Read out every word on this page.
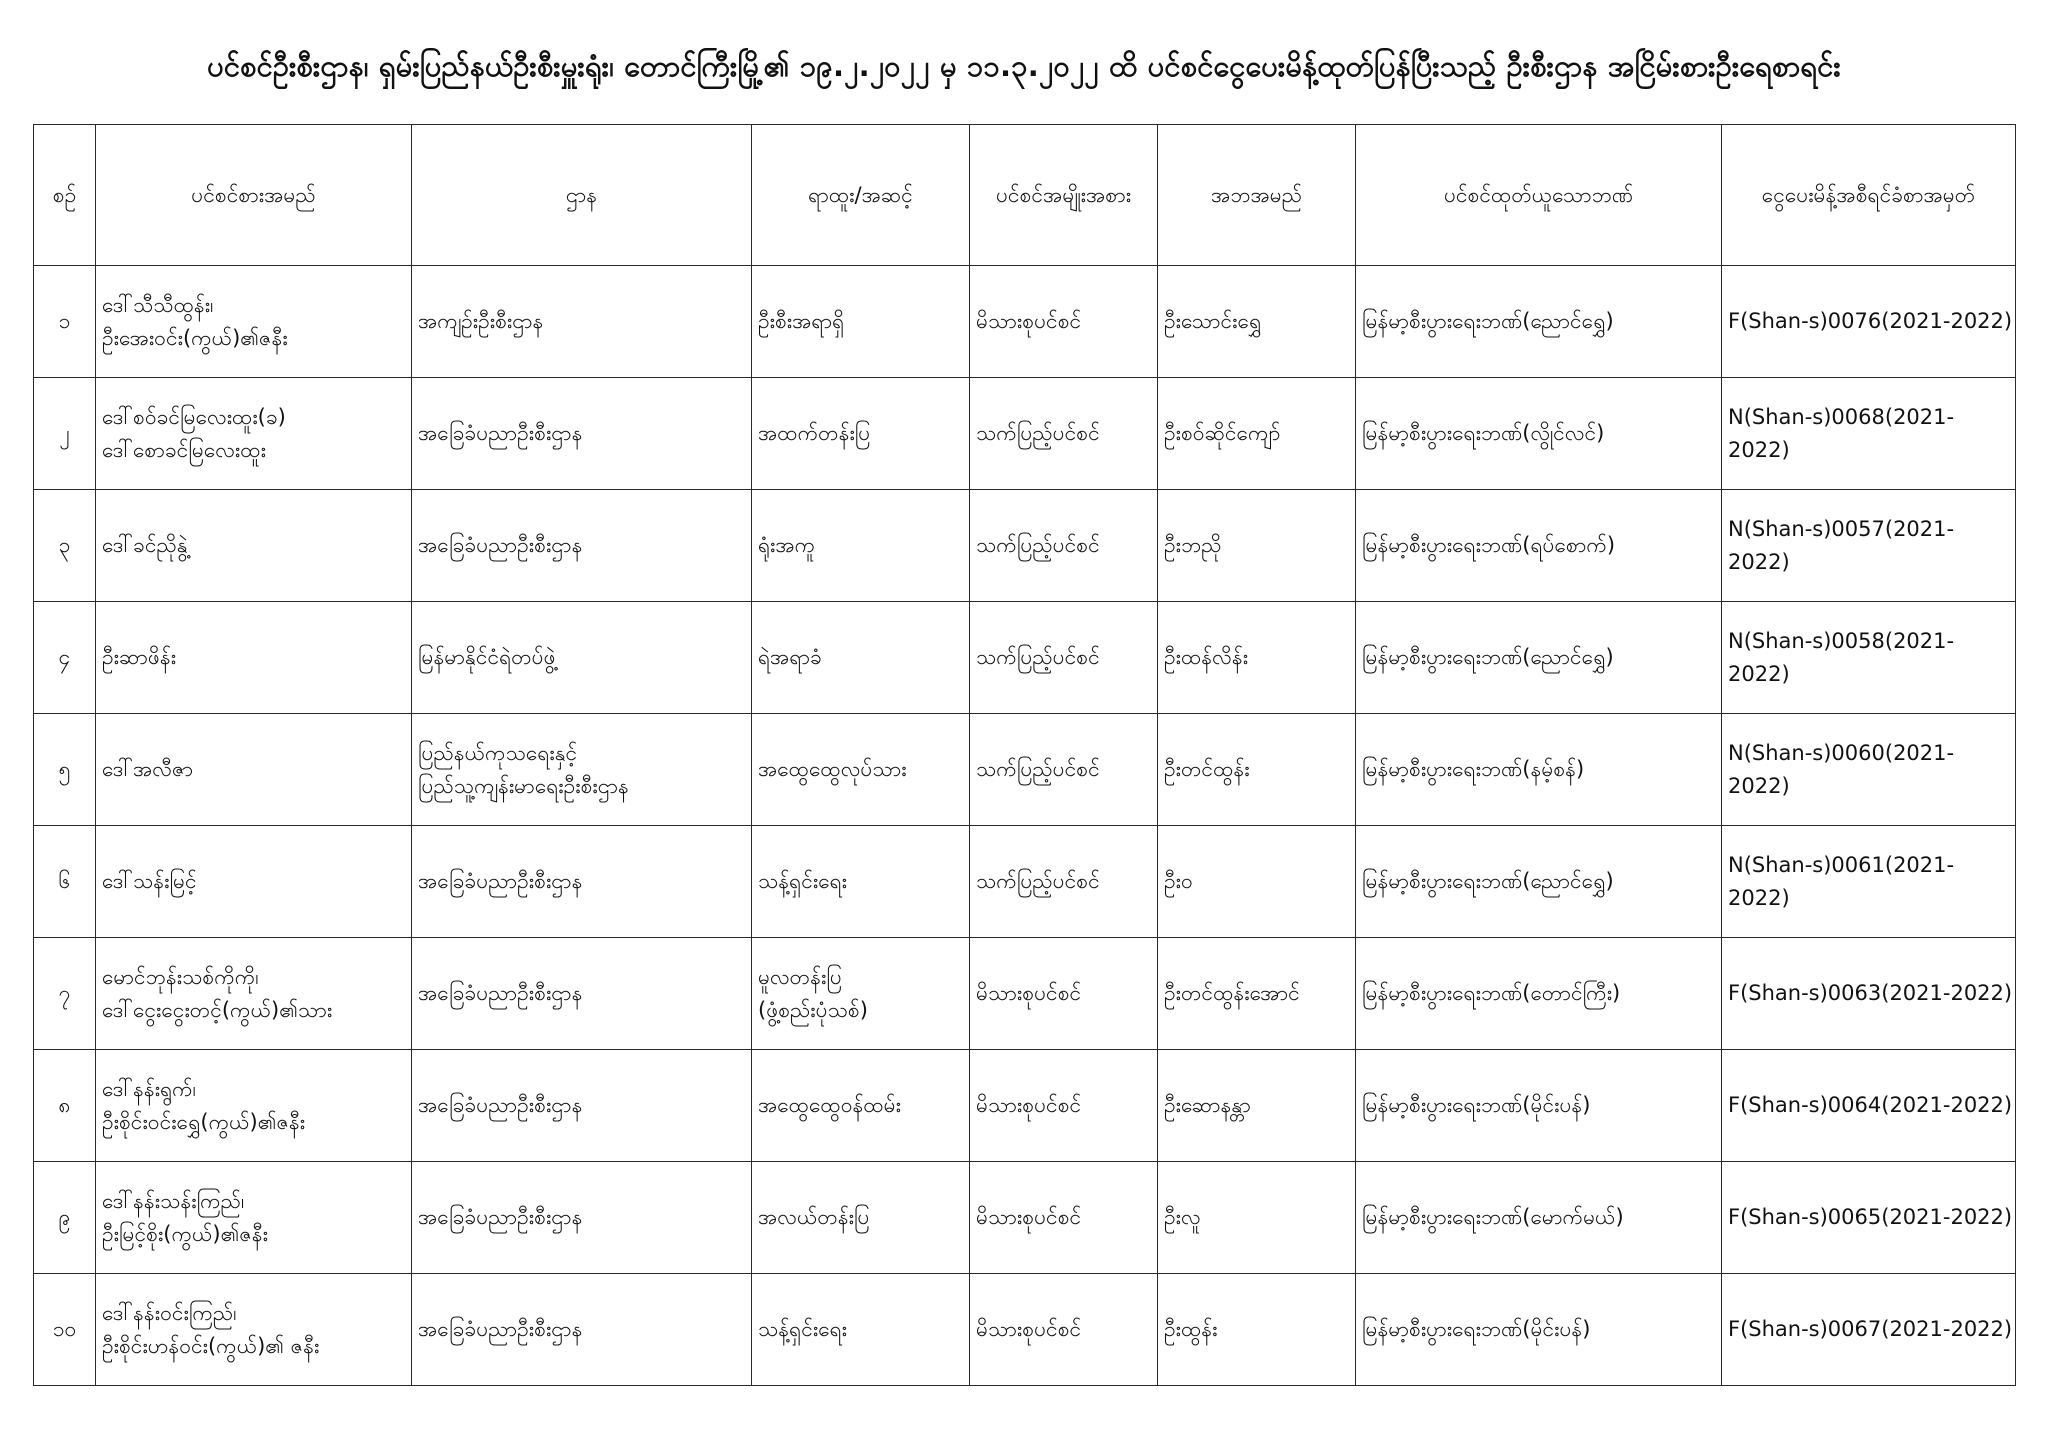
ပင်စင်ဦးစီးဌာန၊ ရှမ်းပြည်နယ်ဦးစီးမှူးရုံး၊ တောင်ကြီးမြို့၏ ၁၉.၂.၂၀၂၂ မှ ၁၁.၃.၂၀၂၂ ထိ ပင်စင်ငွေပေးမိန့်ထုတ်ပြန်ပြီးသည့် ဦးစီးဌာန အငြိမ်းစားဦးရေစာရင်း
စဉ်	ပင်စင်စားအမည်	ဌာန	ရာထူး/အဆင့်	ပင်စင်အမျိုးအစား	အဘအမည်	ပင်စင်ထုတ်ယူသောဘဏ်	ငွေပေးမိန့်အစီရင်ခံစာအမှတ်
၁	ဒေါ်သီသီထွန်း၊
ဦးအေးဝင်း(ကွယ်)၏ဇနီး	အကျဉ်းဦးစီးဌာန	ဦးစီးအရာရှိ	မိသားစုပင်စင်	ဦးသောင်းရွှေ	မြန်မာ့စီးပွားရေးဘဏ်(ညောင်ရွှေ)	F(Shan-s)0076(2021-2022)
၂	ဒေါ်စဝ်ခင်မြလေးထူး(ခ)
ဒေါ်စောခင်မြလေးထူး	အခြေခံပညာဦးစီးဌာန	အထက်တန်းပြ	သက်ပြည့်ပင်စင်	ဦးစဝ်ဆိုင်ကျော်	မြန်မာ့စီးပွားရေးဘဏ်(လွိုင်လင်)	N(Shan-s)0068(2021-2022)
၃	ဒေါ်ခင်ညိုနွဲ့	အခြေခံပညာဦးစီးဌာန	ရုံးအကူ	သက်ပြည့်ပင်စင်	ဦးဘညို	မြန်မာ့စီးပွားရေးဘဏ်(ရပ်စောက်)	N(Shan-s)0057(2021-2022)
၄	ဦးဆာဖိန်း	မြန်မာနိုင်ငံရဲတပ်ဖွဲ့	ရဲအရာခံ	သက်ပြည့်ပင်စင်	ဦးထန်လိန်း	မြန်မာ့စီးပွားရေးဘဏ်(ညောင်ရွှေ)	N(Shan-s)0058(2021-2022)
၅	ဒေါ်အလီဇာ	ပြည်နယ်ကုသရေးနှင့်
ပြည်သူ့ကျန်းမာရေးဦးစီးဌာန	အထွေထွေလုပ်သား	သက်ပြည့်ပင်စင်	ဦးတင်ထွန်း	မြန်မာ့စီးပွားရေးဘဏ်(နမ့်စန်)	N(Shan-s)0060(2021-2022)
၆	ဒေါ်သန်းမြင့်	အခြေခံပညာဦးစီးဌာန	သန့်ရှင်းရေး	သက်ပြည့်ပင်စင်	ဦးဝ	မြန်မာ့စီးပွားရေးဘဏ်(ညောင်ရွှေ)	N(Shan-s)0061(2021-2022)
၇	မောင်ဘုန်းသစ်ကိုကို၊
ဒေါ်ငွေးငွေးတင့်(ကွယ်)၏သား	အခြေခံပညာဦးစီးဌာန	မူလတန်းပြ
(ဖွံ့စည်းပုံသစ်)	မိသားစုပင်စင်	ဦးတင်ထွန်းအောင်	မြန်မာ့စီးပွားရေးဘဏ်(တောင်ကြီး)	F(Shan-s)0063(2021-2022)
၈	ဒေါ်နန်းရွက်၊
ဦးစိုင်းဝင်းရွှေ(ကွယ်)၏ဇနီး	အခြေခံပညာဦးစီးဌာန	အထွေထွေဝန်ထမ်း	မိသားစုပင်စင်	ဦးဆောနန္တာ	မြန်မာ့စီးပွားရေးဘဏ်(မိုင်းပန်)	F(Shan-s)0064(2021-2022)
၉	ဒေါ်နန်းသန်းကြည်၊
ဦးမြင့်စိုး(ကွယ်)၏ဇနီး	အခြေခံပညာဦးစီးဌာန	အလယ်တန်းပြ	မိသားစုပင်စင်	ဦးလူ	မြန်မာ့စီးပွားရေးဘဏ်(မောက်မယ်)	F(Shan-s)0065(2021-2022)
၁၀	ဒေါ်နန်းဝင်းကြည်၊
ဦးစိုင်းဟန်ဝင်း(ကွယ်)၏ ဇနီး	အခြေခံပညာဦးစီးဌာန	သန့်ရှင်းရေး	မိသားစုပင်စင်	ဦးထွန်း	မြန်မာ့စီးပွားရေးဘဏ်(မိုင်းပန်)	F(Shan-s)0067(2021-2022)
